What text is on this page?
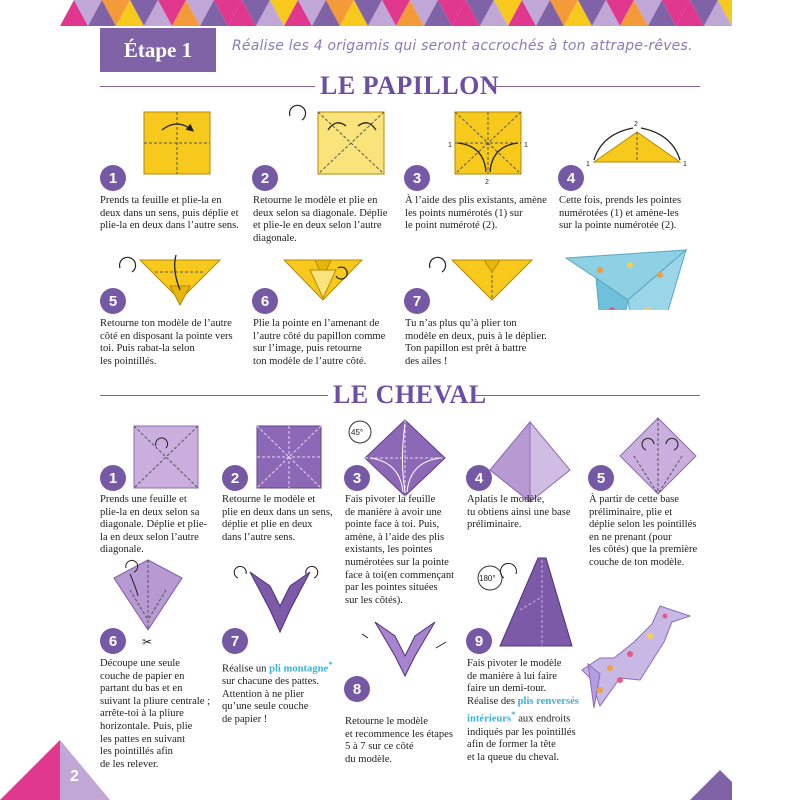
Étape 1	Réalise les 4 origamis qui seront accrochés à ton attrape-rêves.
LE PAPILLON
1	1
2
2
1	1
1
Prends ta feuille et plie-la en
deux dans un sens, puis déplie et
plie-la en deux dans l’autre sens.
2
Retourne le modèle et plie en
deux selon sa diagonale. Déplie
et plie-le en deux selon l’autre
diagonale.
3
À l’aide des plis existants, amène
les points numérotés (1) sur
le point numéroté (2).
4
Cette fois, prends les pointes
numérotées (1) et amène-les
sur la pointe numérotée (2).
5
Retourne ton modèle de l’autre
côté en disposant la pointe vers
toi. Puis rabat-la selon
les pointillés.
6
Plie la pointe en l’amenant de
l’autre côté du papillon comme
sur l’image, puis retourne
ton modèle de l’autre côté.
7
Tu n’as plus qu’à plier ton
modèle en deux, puis à le déplier.
Ton papillon est prêt à battre
des ailes !
LE CHEVAL
45°
✂
180°
1
Prends une feuille et
plie-la en deux selon sa
diagonale. Déplie et plie-
la en deux selon l’autre
diagonale.
2
Retourne le modèle et
plie en deux dans un sens,
déplie et plie en deux
dans l’autre sens.
3
Fais pivoter la feuille
de manière à avoir une
pointe face à toi. Puis,
amène, à l’aide des plis
existants, les pointes
numérotées sur la pointe
face à toi(en commençant
par les pointes situées
sur les côtés).
4
Aplatis le modèle,
tu obtiens ainsi une base
préliminaire.
5
À partir de cette base
préliminaire, plie et
déplie selon les pointillés
en ne prenant (pour
les côtés) que la première
couche de ton modèle.
6
Découpe une seule
couche de papier en
partant du bas et en
suivant la pliure centrale ;
arrête-toi à la pliure
horizontale. Puis, plie
les pattes en suivant
les pointillés afin
de les relever.
7
Réalise un pli montagne*
sur chacune des pattes.
Attention à ne plier
qu’une seule couche
de papier !
8
Retourne le modèle
et recommence les étapes
5 à 7 sur ce côté
du modèle.
9
Fais pivoter le modèle
de manière à lui faire
faire un demi-tour.
Réalise des plis renversés
intérieurs* aux endroits
indiqués par les pointillés
afin de former la tête
et la queue du cheval.
2
